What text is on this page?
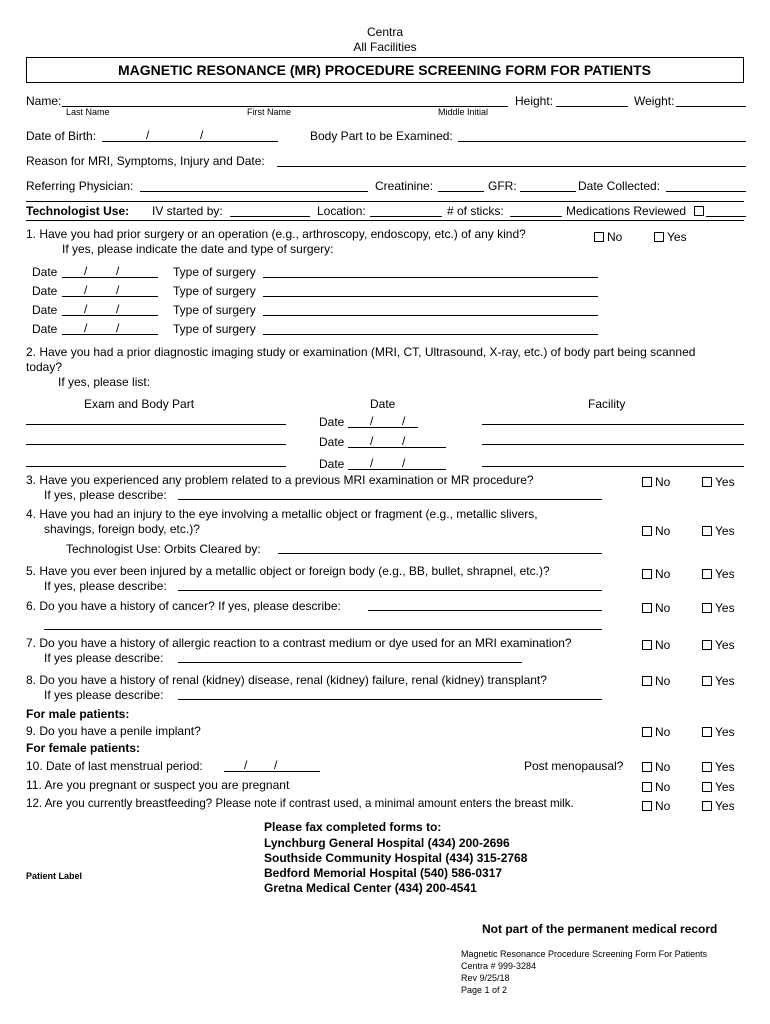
Centra
All Facilities
MAGNETIC RESONANCE (MR) PROCEDURE SCREENING FORM FOR PATIENTS
Name:
Last Name	First Name	Middle Initial
Height:	Weight:
Date of Birth:	/	/	Body Part to be Examined:
Reason for MRI, Symptoms, Injury and Date:
Referring Physician:	Creatinine:	GFR:	Date Collected:
Technologist Use: IV started by:	Location:	# of sticks:	Medications Reviewed
1. Have you had prior surgery or an operation (e.g., arthroscopy, endoscopy, etc.) of any kind?
If yes, please indicate the date and type of surgery:
No	Yes
Date / /	Type of surgery
Date / /	Type of surgery
Date / /	Type of surgery
Date / /	Type of surgery
2. Have you had a prior diagnostic imaging study or examination (MRI, CT, Ultrasound, X-ray, etc.) of body part being scanned
today?
If yes, please list:
Exam and Body Part	Date	Facility
Date / /
Date / /
Date / /
3. Have you experienced any problem related to a previous MRI examination or MR procedure?
If yes, please describe:
No	Yes
4. Have you had an injury to the eye involving a metallic object or fragment (e.g., metallic slivers,
shavings, foreign body, etc.)?
Technologist Use: Orbits Cleared by:
No	Yes
5. Have you ever been injured by a metallic object or foreign body (e.g., BB, bullet, shrapnel, etc.)?
If yes, please describe:
No	Yes
6. Do you have a history of cancer? If yes, please describe:	No	Yes
7. Do you have a history of allergic reaction to a contrast medium or dye used for an MRI examination?
If yes please describe:
No	Yes
8. Do you have a history of renal (kidney) disease, renal (kidney) failure, renal (kidney) transplant?
If yes please describe:
No	Yes
For male patients:
9. Do you have a penile implant?	No	Yes
For female patients:
10. Date of last menstrual period:	/ /	Post menopausal?	No	Yes
11. Are you pregnant or suspect you are pregnant	No	Yes
12. Are you currently breastfeeding? Please note if contrast used, a minimal amount enters the breast milk.	No	Yes
Please fax completed forms to:
Lynchburg General Hospital (434) 200-2696
Southside Community Hospital (434) 315-2768
Bedford Memorial Hospital (540) 586-0317
Gretna Medical Center (434) 200-4541
Patient Label
Not part of the permanent medical record
Magnetic Resonance Procedure Screening Form For Patients
Centra # 999-3284
Rev 9/25/18
Page 1 of 2
